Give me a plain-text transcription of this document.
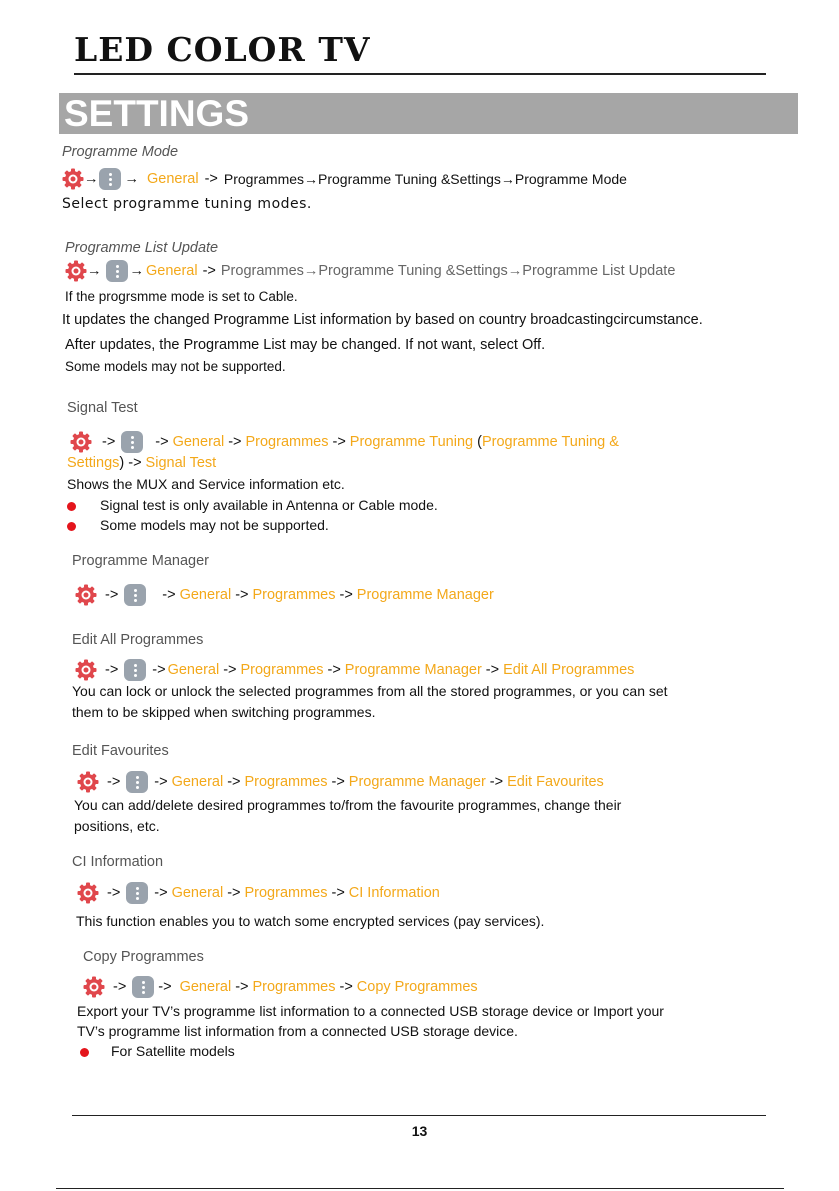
LED COLOR TV
SETTINGS
Programme Mode
→ → General -> Programmes→Programme Tuning &Settings→Programme Mode
Select programme tuning modes.
Programme List Update
→ → General -> Programmes→Programme Tuning &Settings→Programme List Update
If the progrsmme mode is set to Cable.
It updates the changed Programme List information by based on country broadcastingcircumstance.
After updates, the Programme List may be changed. If not want, select Off.
Some models may not be supported.
Signal Test
->	-> General -> Programmes -> Programme Tuning ( Programme Tuning &
Settings ) -> Signal Test
Shows the MUX and Service information etc.
Signal test is only available in Antenna or Cable mode.
Some models may not be supported.
Programme Manager
->	-> General -> Programmes -> Programme Manager
Edit All Programmes
-> -> General -> Programmes -> Programme Manager -> Edit All Programmes
You can lock or unlock the selected programmes from all the stored programmes, or you can set
them to be skipped when switching programmes.
Edit Favourites
-> -> General -> Programmes -> Programme Manager -> Edit Favourites
You can add/delete desired programmes to/from the favourite programmes, change their
positions, etc.
CI Information
-> -> General -> Programmes -> CI Information
This function enables you to watch some encrypted services (pay services).
Copy Programmes
-> -> General -> Programmes -> Copy Programmes
Export your TV’s programme list information to a connected USB storage device or Import your
TV’s programme list information from a connected USB storage device.
For Satellite models
13
